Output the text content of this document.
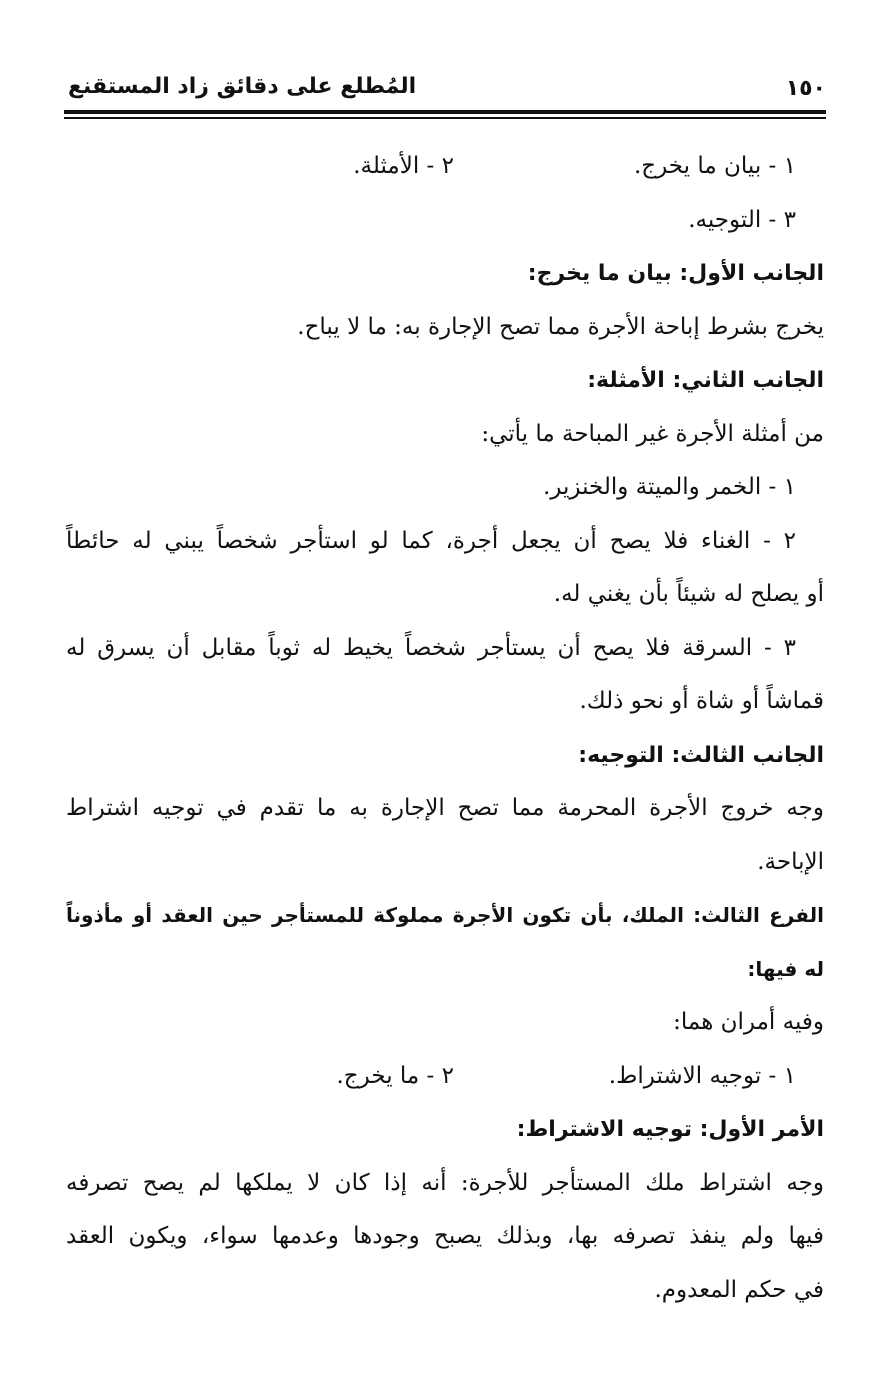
١٥٠
المُطلع على دقائق زاد المستقنع
١ - بيان ما يخرج.
٢ - الأمثلة.
٣ - التوجيه.
الجانب الأول: بيان ما يخرج:
يخرج بشرط إباحة الأجرة مما تصح الإجارة به: ما لا يباح.
الجانب الثاني: الأمثلة:
من أمثلة الأجرة غير المباحة ما يأتي:
١ - الخمر والميتة والخنزير.
٢ - الغناء فلا يصح أن يجعل أجرة، كما لو استأجر شخصاً يبني له حائطاً
أو يصلح له شيئاً بأن يغني له.
٣ - السرقة فلا يصح أن يستأجر شخصاً يخيط له ثوباً مقابل أن يسرق له
قماشاً أو شاة أو نحو ذلك.
الجانب الثالث: التوجيه:
وجه خروج الأجرة المحرمة مما تصح الإجارة به ما تقدم في توجيه اشتراط
الإباحة.
الفرع الثالث: الملك، بأن تكون الأجرة مملوكة للمستأجر حين العقد أو مأذوناً
له فيها:
وفيه أمران هما:
١ - توجيه الاشتراط.
٢ - ما يخرج.
الأمر الأول: توجيه الاشتراط:
وجه اشتراط ملك المستأجر للأجرة: أنه إذا كان لا يملكها لم يصح تصرفه
فيها ولم ينفذ تصرفه بها، وبذلك يصبح وجودها وعدمها سواء، ويكون العقد
في حكم المعدوم.
